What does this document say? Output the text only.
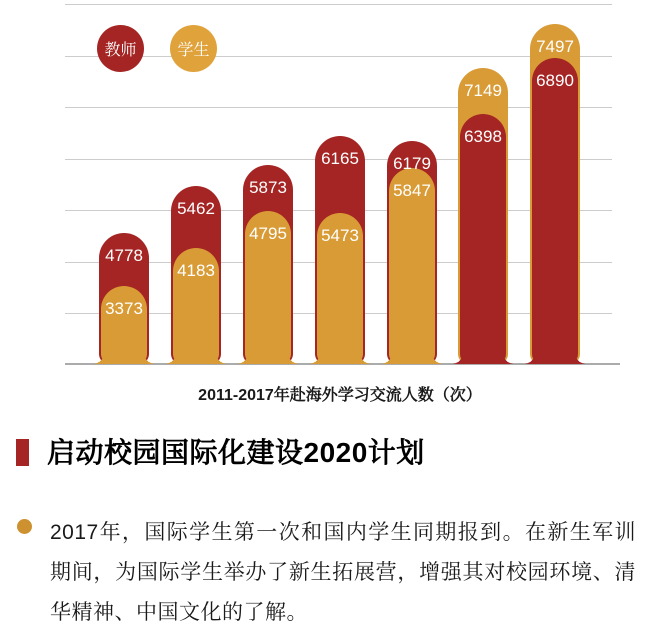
4778
3373
5462
4183
5873
4795
6165
5473
6179
5847
7149
6398
7497
6890
教师	学生
2011-2017年赴海外学习交流人数（次）
启动校园国际化建设2020计划

2017年，国际学生第一次和国内学生同期报到。在新生军训期间，为国际学生举办了新生拓展营，增强其对校园环境、清华精神、中国文化的了解。
